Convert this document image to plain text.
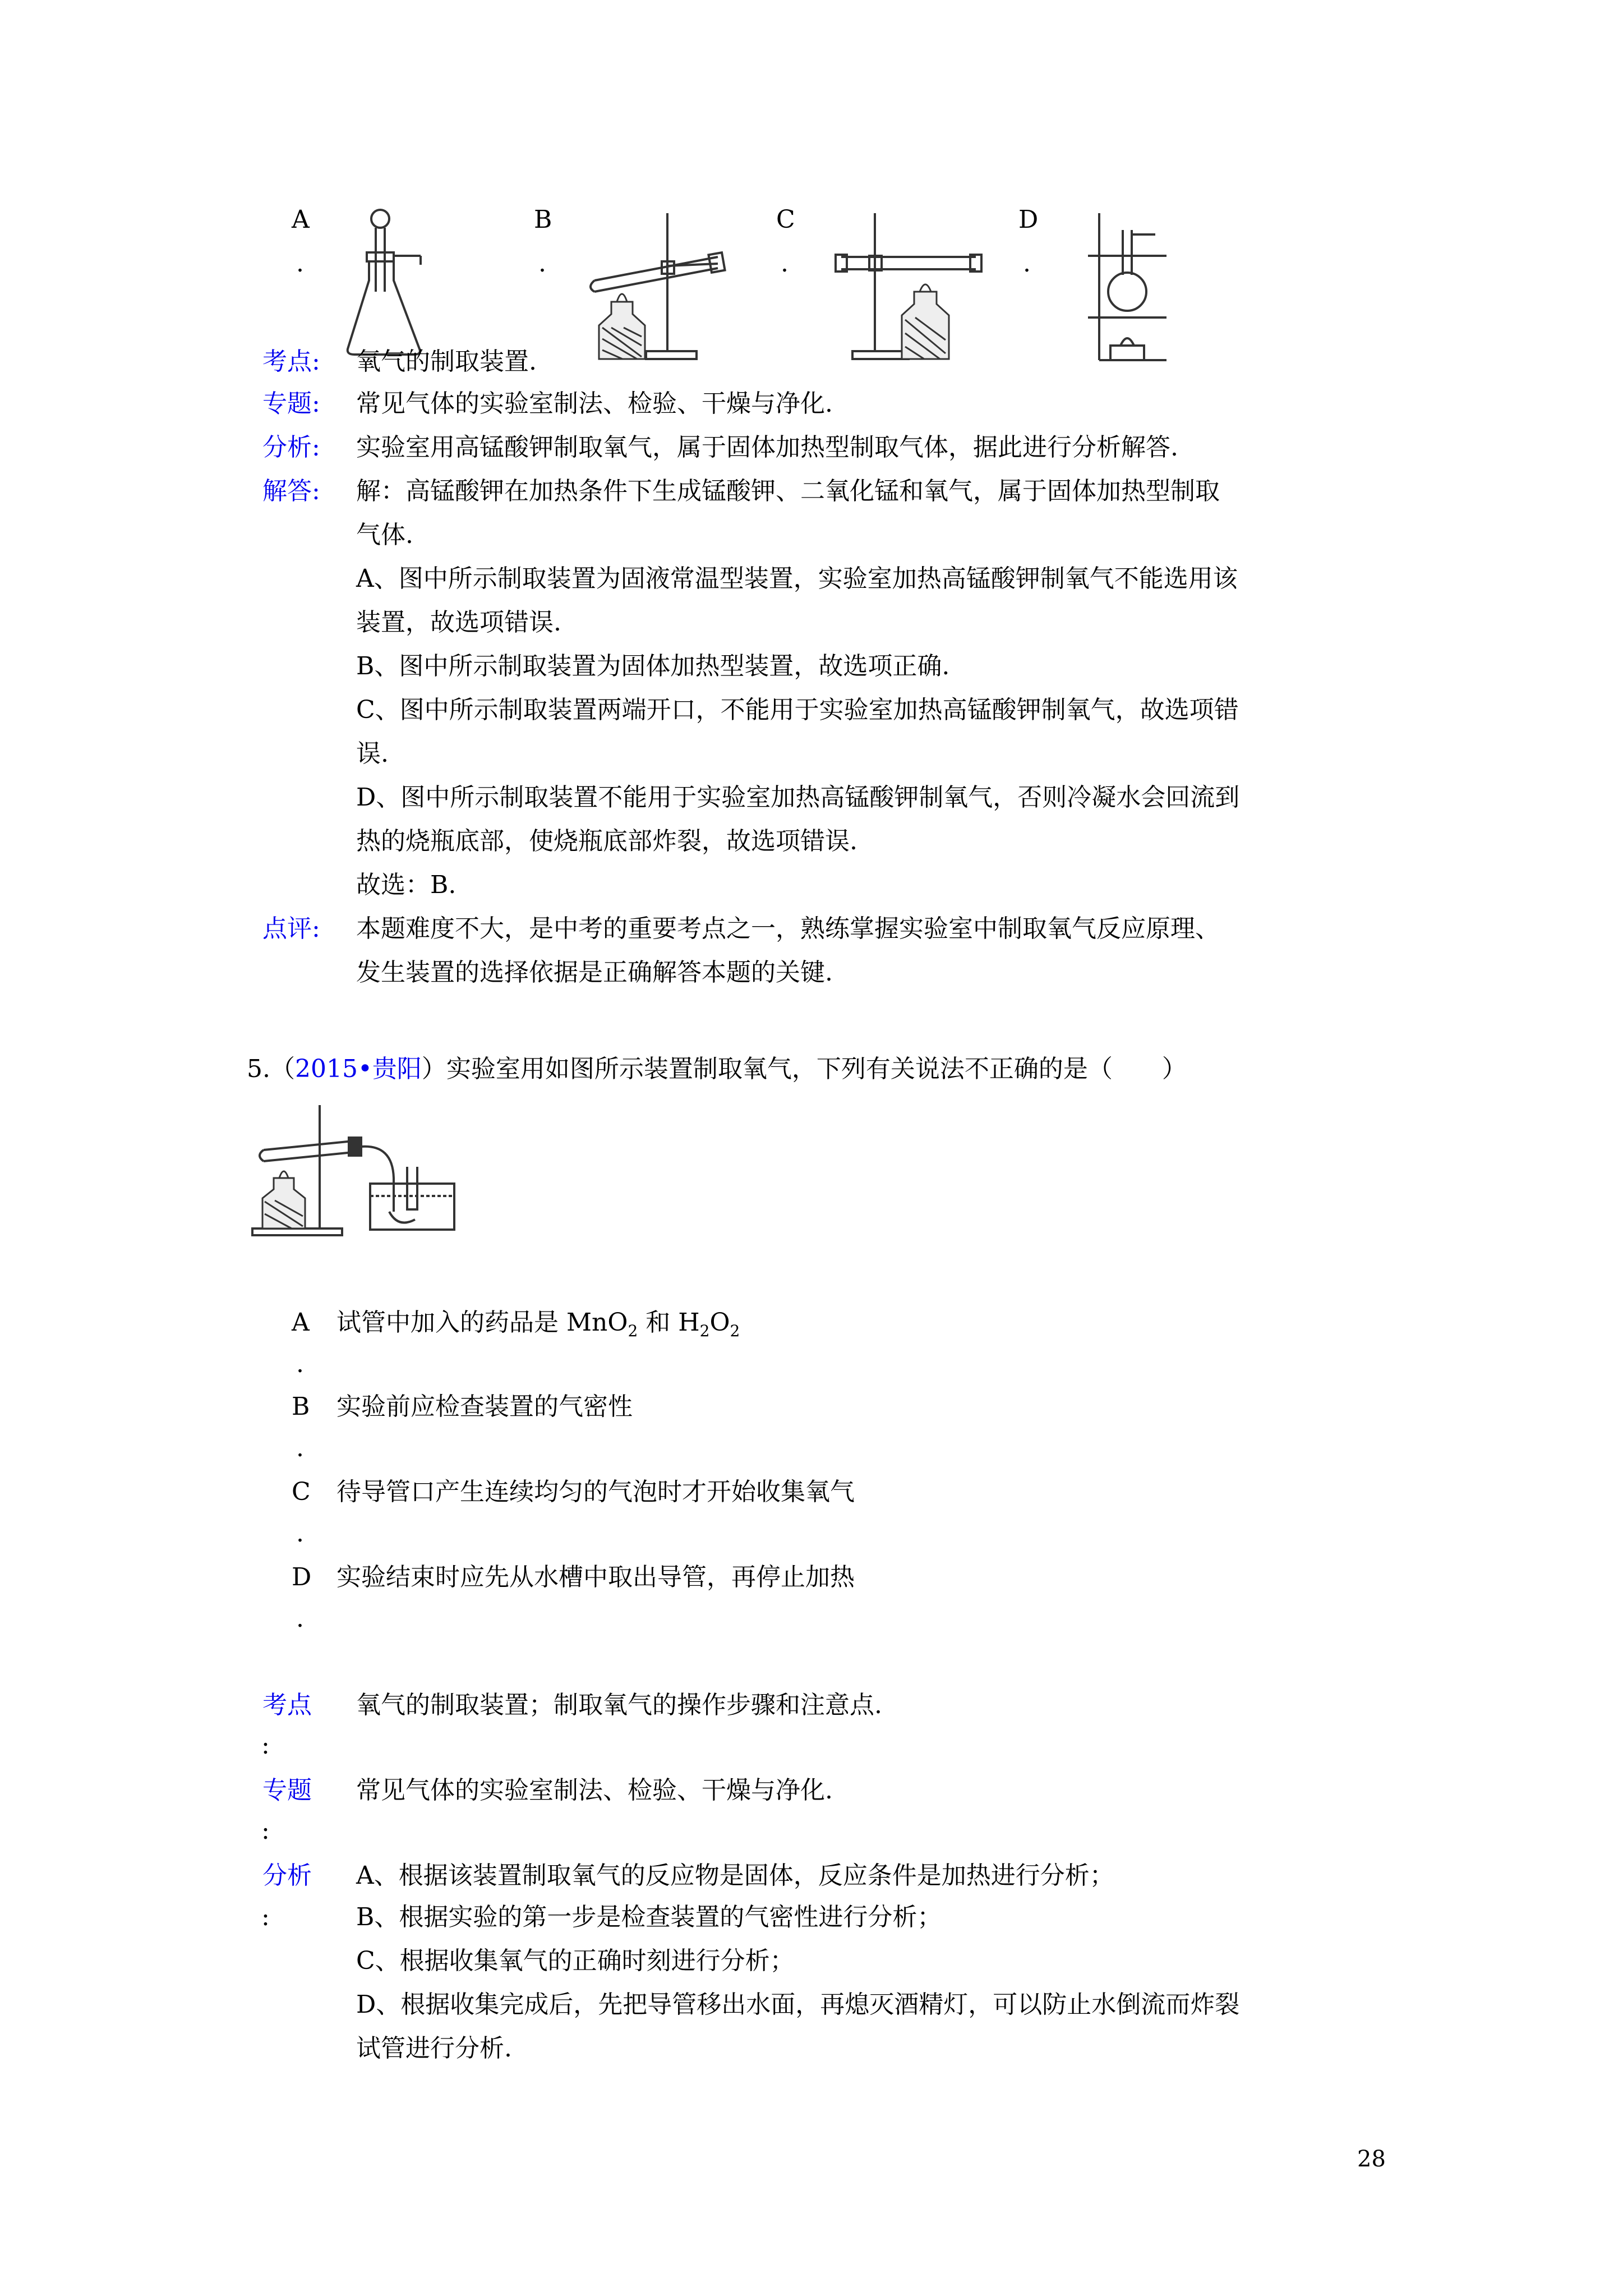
A
.
B
.
C
.
D
.
考点: 氧气的制取装置.
专题: 常见气体的实验室制法、检验、干燥与净化.
分析: 实验室用高锰酸钾制取氧气，属于固体加热型制取气体，据此进行分析解答.
解答: 解：高锰酸钾在加热条件下生成锰酸钾、二氧化锰和氧气，属于固体加热型制取
气体.
A、图中所示制取装置为固液常温型装置，实验室加热高锰酸钾制氧气不能选用该
装置，故选项错误.
B、图中所示制取装置为固体加热型装置，故选项正确.
C、图中所示制取装置两端开口，不能用于实验室加热高锰酸钾制氧气，故选项错
误.
D、图中所示制取装置不能用于实验室加热高锰酸钾制氧气，否则冷凝水会回流到
热的烧瓶底部，使烧瓶底部炸裂，故选项错误.
故选：B.
点评: 本题难度不大，是中考的重要考点之一，熟练掌握实验室中制取氧气反应原理、
发生装置的选择依据是正确解答本题的关键.
5.（2015•贵阳）实验室用如图所示装置制取氧气，下列有关说法不正确的是（　　）
A 试管中加入的药品是 MnO$_2$ 和 $H_2O_2$
.
B 实验前应检查装置的气密性
.
C 待导管口产生连续均匀的气泡时才开始收集氧气
.
D 实验结束时应先从水槽中取出导管，再停止加热
.
考点 氧气的制取装置；制取氧气的操作步骤和注意点.
:
专题 常见气体的实验室制法、检验、干燥与净化.
:
分析 A、根据该装置制取氧气的反应物是固体，反应条件是加热进行分析；
:	B、根据实验的第一步是检查装置的气密性进行分析；
C、根据收集氧气的正确时刻进行分析；
D、根据收集完成后，先把导管移出水面，再熄灭酒精灯，可以防止水倒流而炸裂
试管进行分析.
28
